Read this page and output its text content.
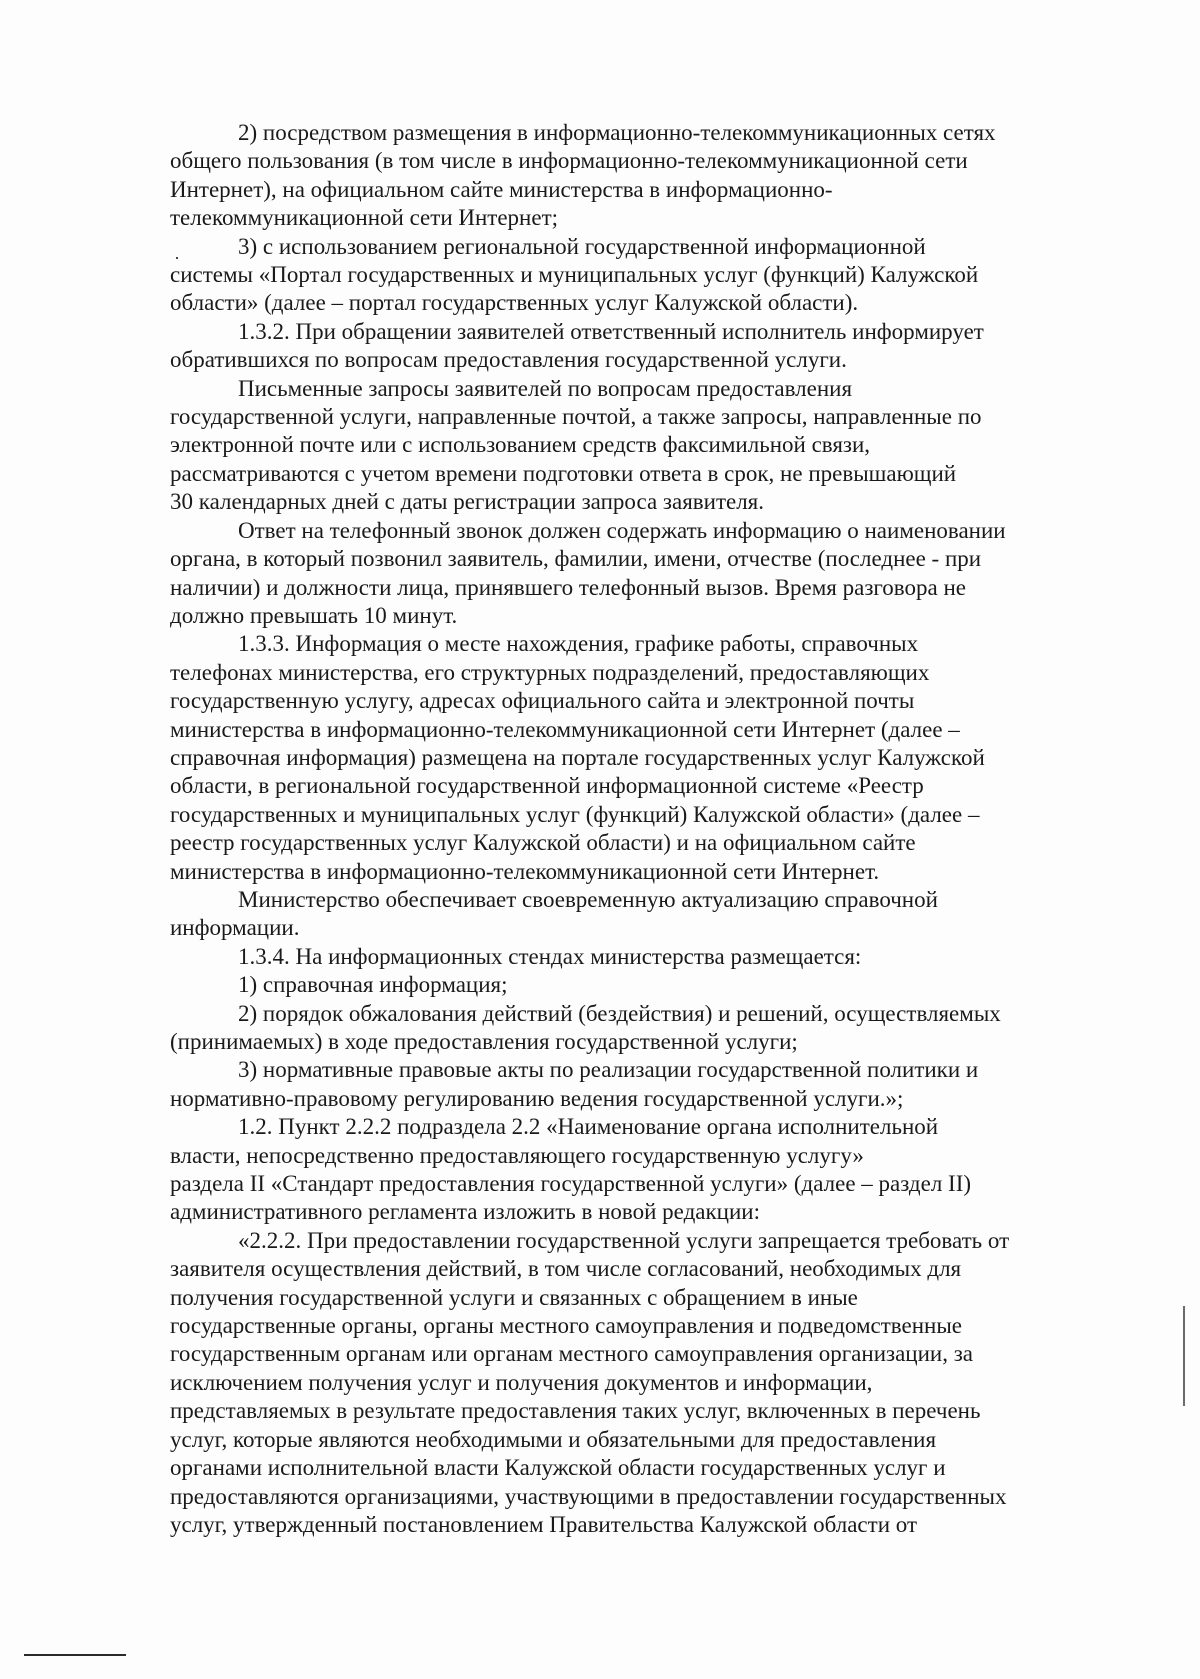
2) посредством размещения в информационно-телекоммуникационных сетях
общего пользования (в том числе в информационно-телекоммуникационной сети
Интернет), на официальном сайте министерства в информационно-
телекоммуникационной сети Интернет;

3) с использованием региональной государственной информационной
системы «Портал государственных и муниципальных услуг (функций) Калужской
области» (далее – портал государственных услуг Калужской области).

1.3.2. При обращении заявителей ответственный исполнитель информирует
обратившихся по вопросам предоставления государственной услуги.

Письменные запросы заявителей по вопросам предоставления
государственной услуги, направленные почтой, а также запросы, направленные по
электронной почте или с использованием средств факсимильной связи,
рассматриваются с учетом времени подготовки ответа в срок, не превышающий
30 календарных дней с даты регистрации запроса заявителя.

Ответ на телефонный звонок должен содержать информацию о наименовании
органа, в который позвонил заявитель, фамилии, имени, отчестве (последнее - при
наличии) и должности лица, принявшего телефонный вызов. Время разговора не
должно превышать 10 минут.

1.3.3. Информация о месте нахождения, графике работы, справочных
телефонах министерства, его структурных подразделений, предоставляющих
государственную услугу, адресах официального сайта и электронной почты
министерства в информационно-телекоммуникационной сети Интернет (далее –
справочная информация) размещена на портале государственных услуг Калужской
области, в региональной государственной информационной системе «Реестр
государственных и муниципальных услуг (функций) Калужской области» (далее –
реестр государственных услуг Калужской области) и на официальном сайте
министерства в информационно-телекоммуникационной сети Интернет.

Министерство обеспечивает своевременную актуализацию справочной
информации.

1.3.4. На информационных стендах министерства размещается:

1) справочная информация;

2) порядок обжалования действий (бездействия) и решений, осуществляемых
(принимаемых) в ходе предоставления государственной услуги;

3) нормативные правовые акты по реализации государственной политики и
нормативно-правовому регулированию ведения государственной услуги.»;

1.2. Пункт 2.2.2 подраздела 2.2 «Наименование органа исполнительной
власти, непосредственно предоставляющего государственную услугу»
раздела II «Стандарт предоставления государственной услуги» (далее – раздел II)
административного регламента изложить в новой редакции:

«2.2.2. При предоставлении государственной услуги запрещается требовать от
заявителя осуществления действий, в том числе согласований, необходимых для
получения государственной услуги и связанных с обращением в иные
государственные органы, органы местного самоуправления и подведомственные
государственным органам или органам местного самоуправления организации, за
исключением получения услуг и получения документов и информации,
представляемых в результате предоставления таких услуг, включенных в перечень
услуг, которые являются необходимыми и обязательными для предоставления
органами исполнительной власти Калужской области государственных услуг и
предоставляются организациями, участвующими в предоставлении государственных
услуг, утвержденный постановлением Правительства Калужской области от
